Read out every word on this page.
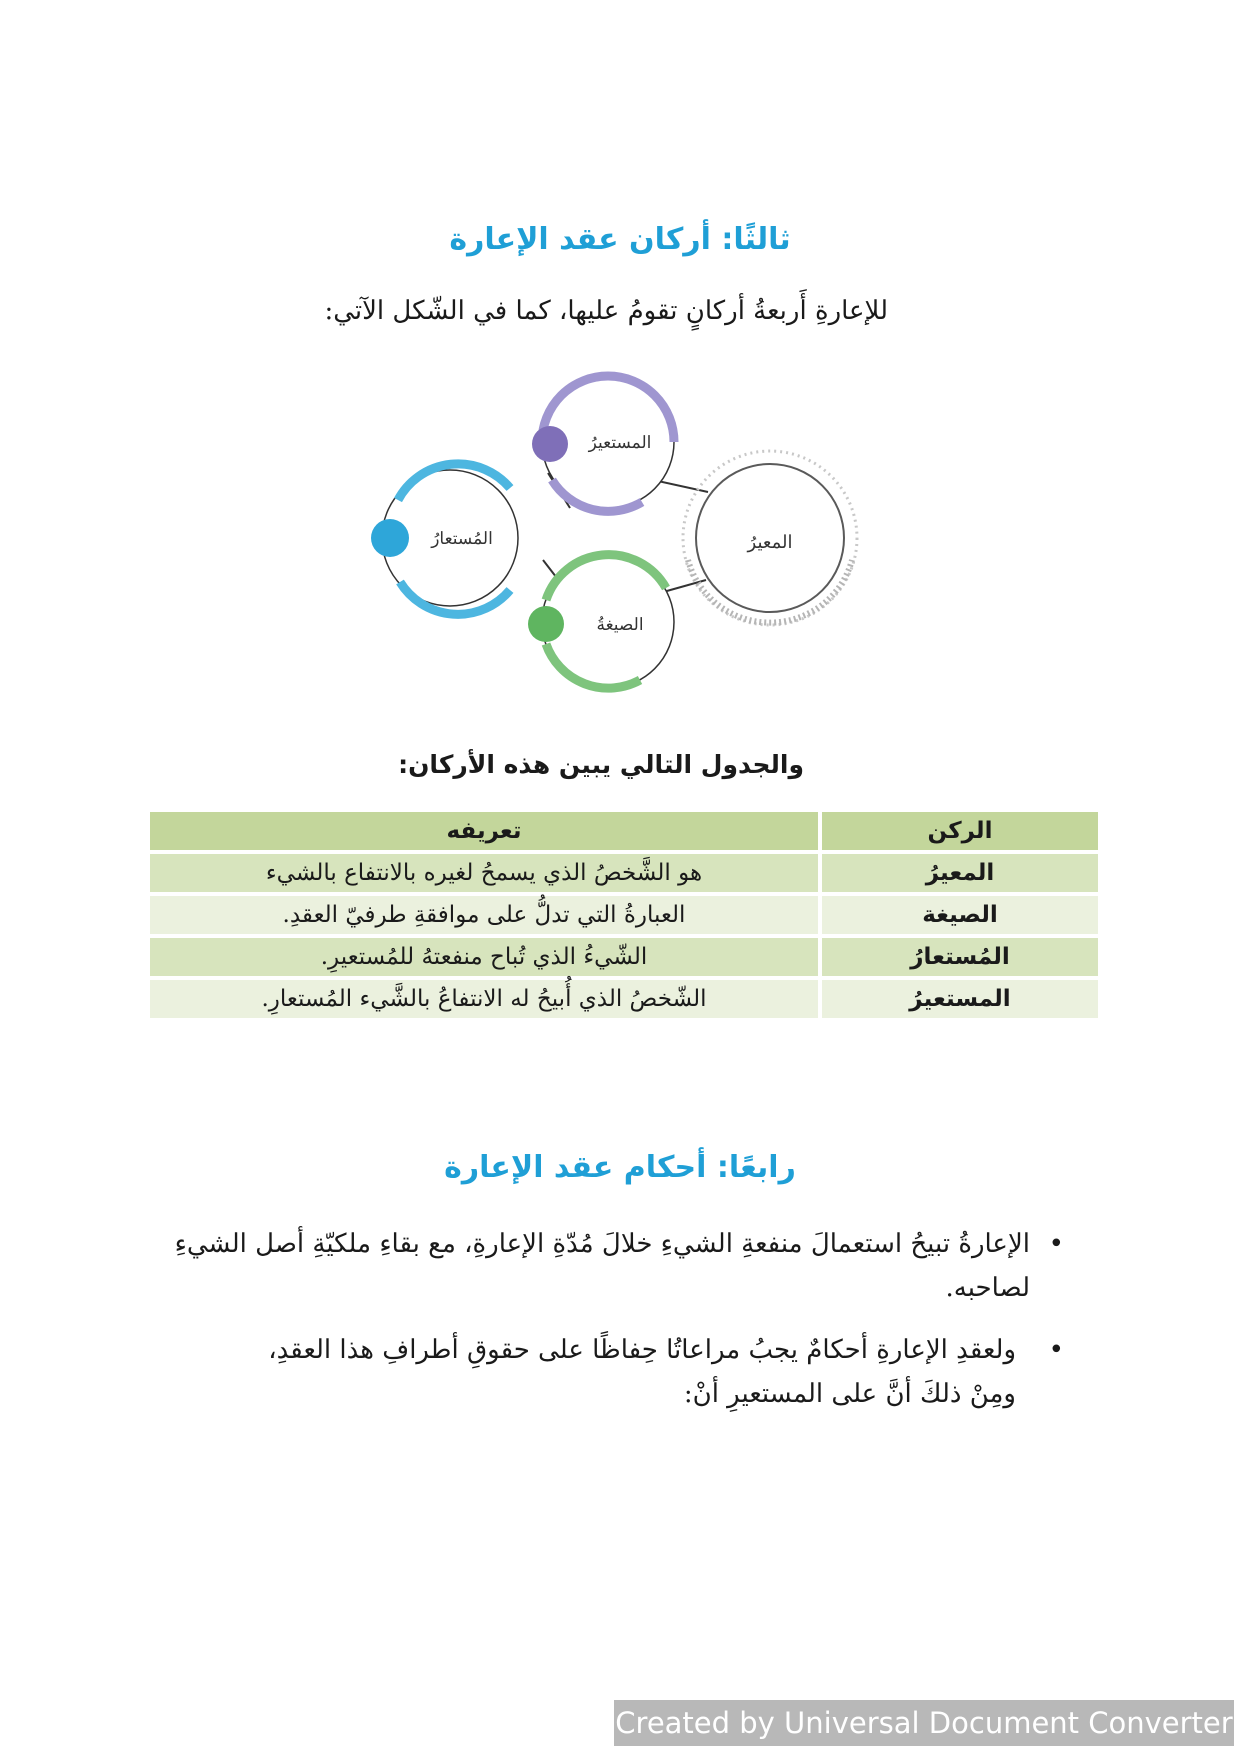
ثالثًا: أركان عقد الإعارة
للإعارةِ أَربعةُ أركانٍ تقومُ عليها، كما في الشّكل الآتي:
المعيرُ
المستعيرُ
المُستعارُ
الصيغةُ
والجدول التالي يبين هذه الأركان:
الركن	تعريفه
المعيرُ	هو الشَّخصُ الذي يسمحُ لغيره بالانتفاع بالشيء
الصيغة	العبارةُ التي تدلُّ على موافقةِ طرفيّ العقدِ.
المُستعارُ	الشّيءُ الذي تُباح منفعتهُ للمُستعيرِ.
المستعيرُ	الشّخصُ الذي أُبيحُ له الانتفاعُ بالشَّيء المُستعارِ.
رابعًا: أحكام عقد الإعارة
•
الإعارةُ تبيحُ استعمالَ منفعةِ الشيءِ خلالَ مُدّةِ الإعارةِ، مع بقاءِ ملكيّةِ أصل الشيءِ لصاحبه.
•
ولعقدِ الإعارةِ أحكامٌ يجبُ مراعاتُا حِفاظًا على حقوقِ أطرافِ هذا العقدِ، ومِنْ ذلكَ أنَّ على المستعيرِ أنْ:
Created by Universal Document Converter
